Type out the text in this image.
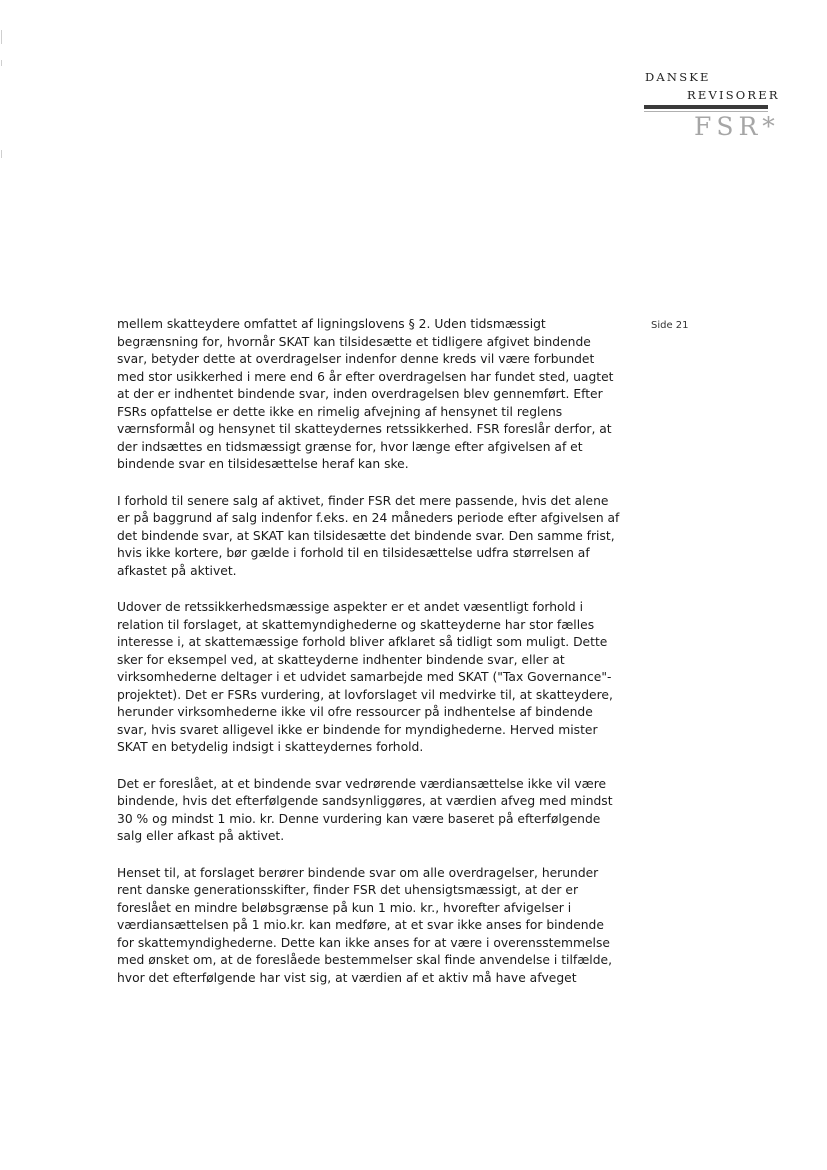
DANSKE
REVISORER
FSR*
Side 21

mellem skatteydere omfattet af ligningslovens § 2. Uden tidsmæssigt
begrænsning for, hvornår SKAT kan tilsidesætte et tidligere afgivet bindende
svar, betyder dette at overdragelser indenfor denne kreds vil være forbundet
med stor usikkerhed i mere end 6 år efter overdragelsen har fundet sted, uagtet
at der er indhentet bindende svar, inden overdragelsen blev gennemført. Efter
FSRs opfattelse er dette ikke en rimelig afvejning af hensynet til reglens
værnsformål og hensynet til skatteydernes retssikkerhed. FSR foreslår derfor, at
der indsættes en tidsmæssigt grænse for, hvor længe efter afgivelsen af et
bindende svar en tilsidesættelse heraf kan ske.

I forhold til senere salg af aktivet, finder FSR det mere passende, hvis det alene
er på baggrund af salg indenfor f.eks. en 24 måneders periode efter afgivelsen af
det bindende svar, at SKAT kan tilsidesætte det bindende svar. Den samme frist,
hvis ikke kortere, bør gælde i forhold til en tilsidesættelse udfra størrelsen af
afkastet på aktivet.

Udover de retssikkerhedsmæssige aspekter er et andet væsentligt forhold i
relation til forslaget, at skattemyndighederne og skatteyderne har stor fælles
interesse i, at skattemæssige forhold bliver afklaret så tidligt som muligt. Dette
sker for eksempel ved, at skatteyderne indhenter bindende svar, eller at
virksomhederne deltager i et udvidet samarbejde med SKAT ("Tax Governance"-
projektet). Det er FSRs vurdering, at lovforslaget vil medvirke til, at skatteydere,
herunder virksomhederne ikke vil ofre ressourcer på indhentelse af bindende
svar, hvis svaret alligevel ikke er bindende for myndighederne. Herved mister
SKAT en betydelig indsigt i skatteydernes forhold.

Det er foreslået, at et bindende svar vedrørende værdiansættelse ikke vil være
bindende, hvis det efterfølgende sandsynliggøres, at værdien afveg med mindst
30 % og mindst 1 mio. kr. Denne vurdering kan være baseret på efterfølgende
salg eller afkast på aktivet.

Henset til, at forslaget berører bindende svar om alle overdragelser, herunder
rent danske generationsskifter, finder FSR det uhensigtsmæssigt, at der er
foreslået en mindre beløbsgrænse på kun 1 mio. kr., hvorefter afvigelser i
værdiansættelsen på 1 mio.kr. kan medføre, at et svar ikke anses for bindende
for skattemyndighederne. Dette kan ikke anses for at være i overensstemmelse
med ønsket om, at de foreslåede bestemmelser skal finde anvendelse i tilfælde,
hvor det efterfølgende har vist sig, at værdien af et aktiv må have afveget
